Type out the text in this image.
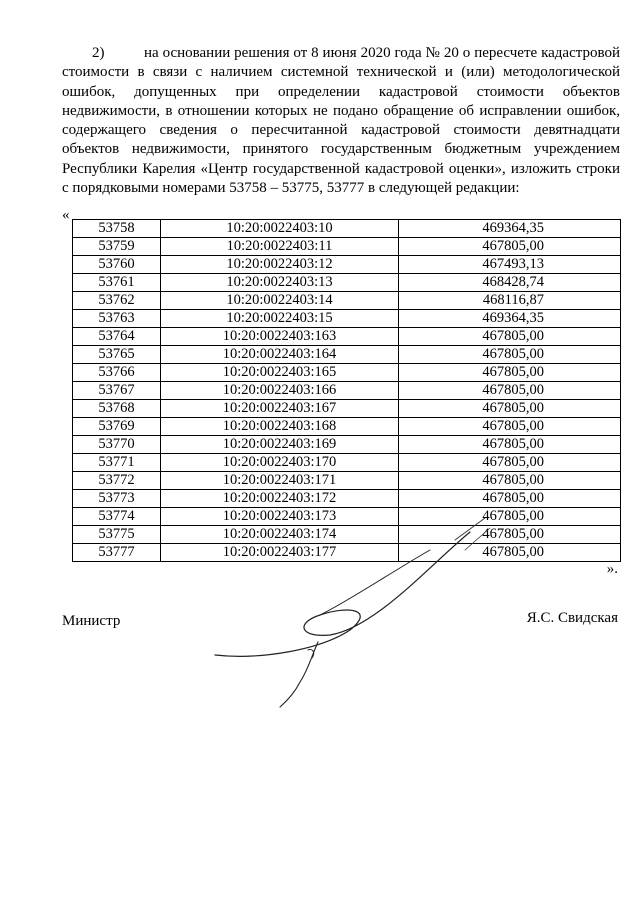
2)	на основании решения от 8 июня 2020 года № 20 о пересчете кадастровой стоимости в связи с наличием системной технической и (или) методологической ошибок, допущенных при определении кадастровой стоимости объектов недвижимости, в отношении которых не подано обращение об исправлении ошибок, содержащего сведения о пересчитанной кадастровой стоимости девятнадцати объектов недвижимости, принятого государственным бюджетным учреждением Республики Карелия «Центр государственной кадастровой оценки», изложить строки с порядковыми номерами 53758 – 53775, 53777 в следующей редакции:

«
53758	10:20:0022403:10	469364,35
53759	10:20:0022403:11	467805,00
53760	10:20:0022403:12	467493,13
53761	10:20:0022403:13	468428,74
53762	10:20:0022403:14	468116,87
53763	10:20:0022403:15	469364,35
53764	10:20:0022403:163	467805,00
53765	10:20:0022403:164	467805,00
53766	10:20:0022403:165	467805,00
53767	10:20:0022403:166	467805,00
53768	10:20:0022403:167	467805,00
53769	10:20:0022403:168	467805,00
53770	10:20:0022403:169	467805,00
53771	10:20:0022403:170	467805,00
53772	10:20:0022403:171	467805,00
53773	10:20:0022403:172	467805,00
53774	10:20:0022403:173	467805,00
53775	10:20:0022403:174	467805,00
53777	10:20:0022403:177	467805,00
».
Министр	Я.С. Свидская
